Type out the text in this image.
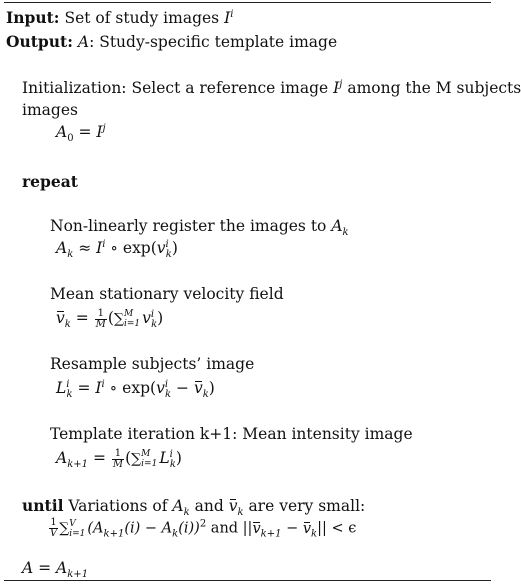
Input: Set of study images $I^i$
Output: A: Study-specific template image
Initialization: Select a reference image $I^j$ among the M subjects
images
$A_0 = I^j$
repeat
Non-linearly register the images to $A_k$
$A_k \approx I^i$ ∘ $\exp(v^i_k)$
Mean stationary velocity field
$v_k = \frac{1}{M}$ (∑ M
i=1 $v^i_k$)
Resample subjects’ image
$L^i_k = I^i$ ∘ $\exp(v^i_k - v_k)$
Template iteration k+1: Mean intensity image
$A_{k+1} = \frac{1}{M}$ (∑ M
i=1 $L^i_k$)
until Variations of $A_k$ and $v_k$ are very small:
$\frac{1}{V}$ ∑ V
i=1 $(A_{k+1}(i) - A_k(i))^2$ and $||v_{k+1} - v_k|| < \epsilon$
$A = A_{k+1}$
